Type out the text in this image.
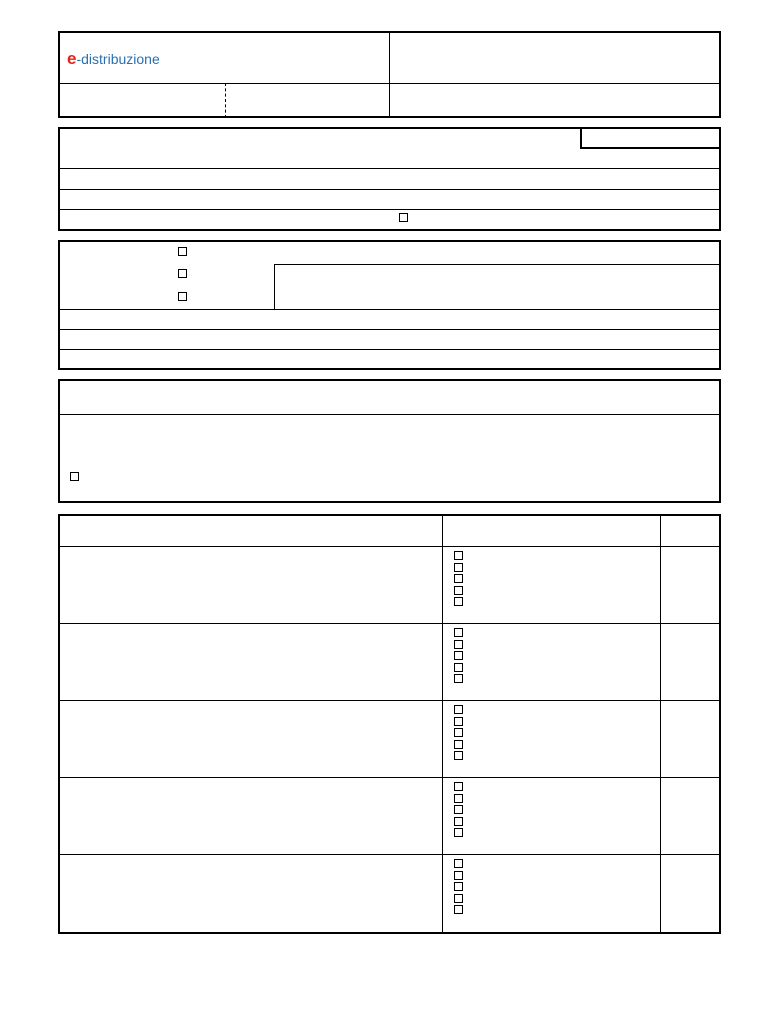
e-distribuzione
